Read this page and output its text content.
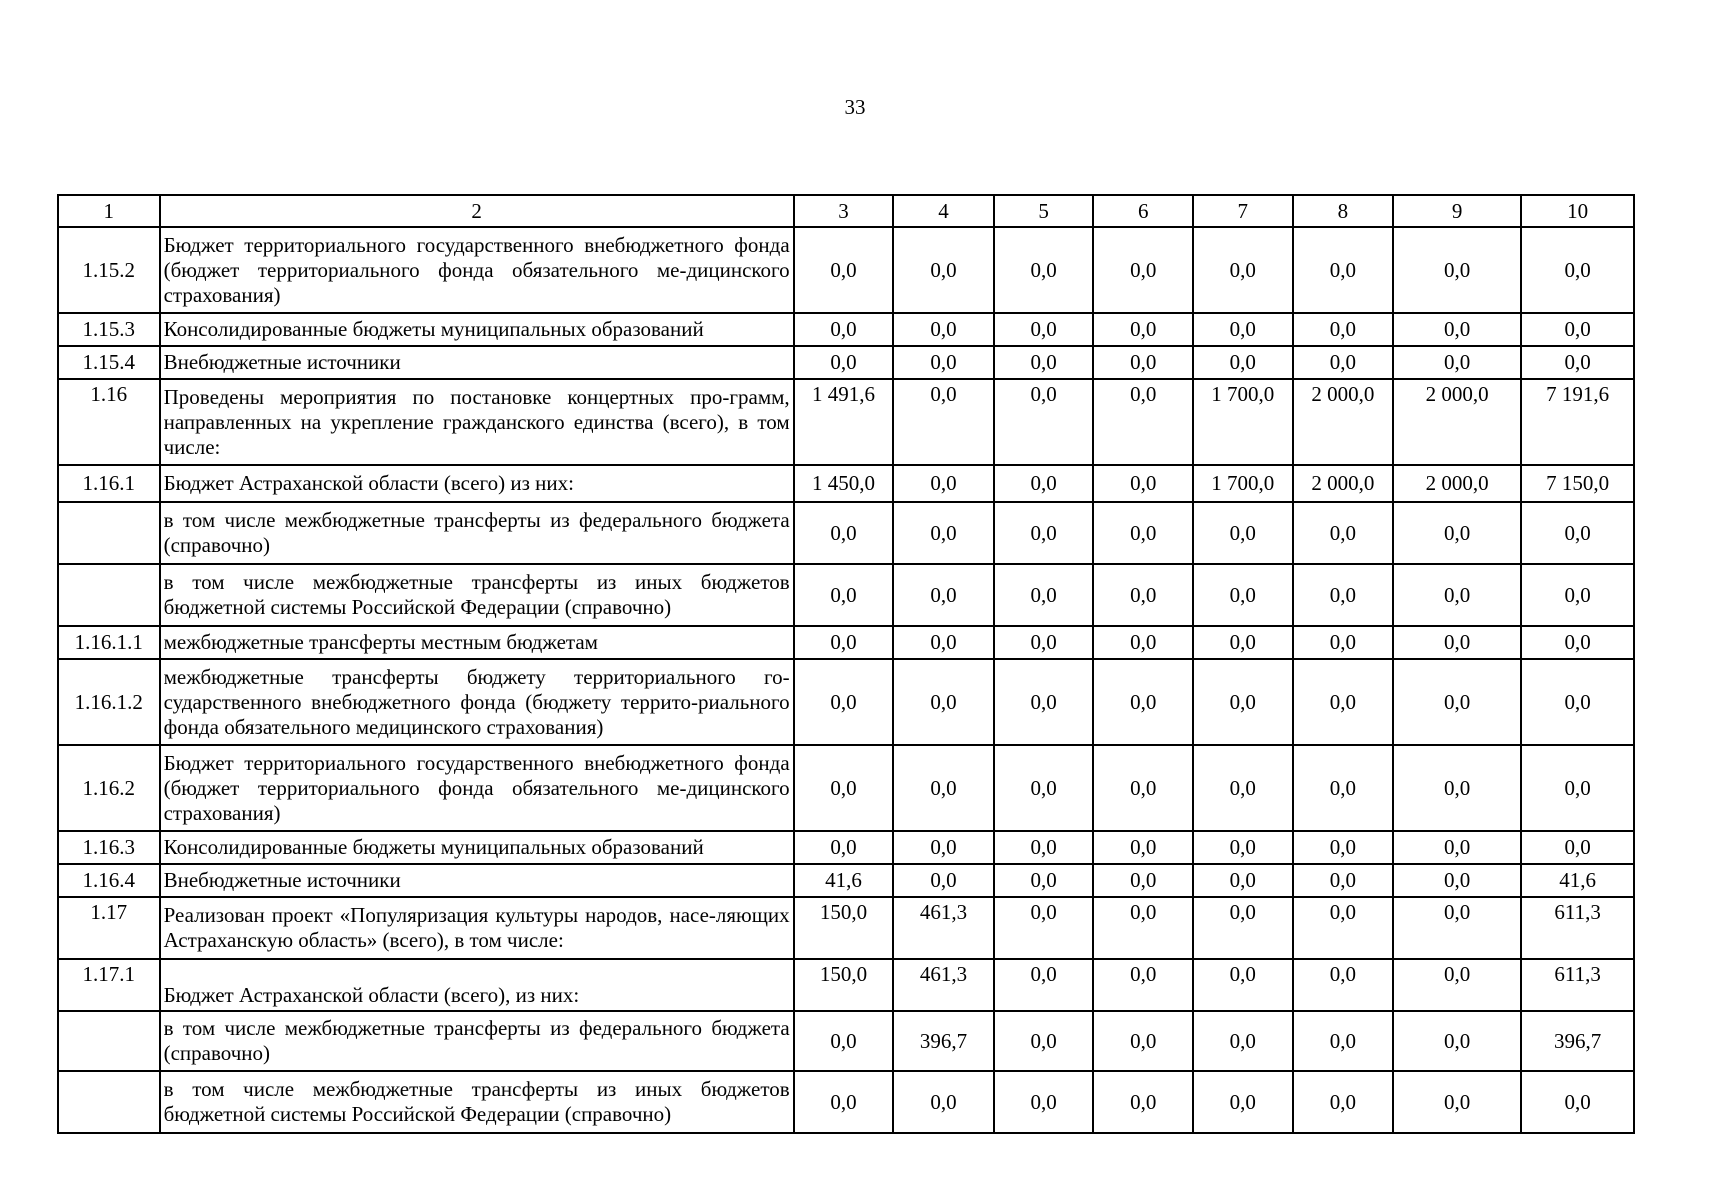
33
1	2	3	4	5	6	7	8	9	10
1.15.2	Бюджет территориального государственного внебюджетного фонда (бюджет территориального фонда обязательного ме-дицинского страхования)	0,0	0,0	0,0	0,0	0,0	0,0	0,0	0,0
1.15.3	Консолидированные бюджеты муниципальных образований	0,0	0,0	0,0	0,0	0,0	0,0	0,0	0,0
1.15.4	Внебюджетные источники	0,0	0,0	0,0	0,0	0,0	0,0	0,0	0,0
1.16	Проведены мероприятия по постановке концертных про-грамм, направленных на укрепление гражданского единства (всего), в том числе:	1 491,6	0,0	0,0	0,0	1 700,0	2 000,0	2 000,0	7 191,6
1.16.1	Бюджет Астраханской области (всего) из них:	1 450,0	0,0	0,0	0,0	1 700,0	2 000,0	2 000,0	7 150,0
	в том числе межбюджетные трансферты из федерального бюджета (справочно)	0,0	0,0	0,0	0,0	0,0	0,0	0,0	0,0
	в том числе межбюджетные трансферты из иных бюджетов бюджетной системы Российской Федерации (справочно)	0,0	0,0	0,0	0,0	0,0	0,0	0,0	0,0
1.16.1.1	межбюджетные трансферты местным бюджетам	0,0	0,0	0,0	0,0	0,0	0,0	0,0	0,0
1.16.1.2	межбюджетные трансферты бюджету территориального го-сударственного внебюджетного фонда (бюджету террито-риального фонда обязательного медицинского страхования)	0,0	0,0	0,0	0,0	0,0	0,0	0,0	0,0
1.16.2	Бюджет территориального государственного внебюджетного фонда (бюджет территориального фонда обязательного ме-дицинского страхования)	0,0	0,0	0,0	0,0	0,0	0,0	0,0	0,0
1.16.3	Консолидированные бюджеты муниципальных образований	0,0	0,0	0,0	0,0	0,0	0,0	0,0	0,0
1.16.4	Внебюджетные источники	41,6	0,0	0,0	0,0	0,0	0,0	0,0	41,6
1.17	Реализован проект «Популяризация культуры народов, насе-ляющих Астраханскую область» (всего), в том числе:	150,0	461,3	0,0	0,0	0,0	0,0	0,0	611,3
1.17.1	Бюджет Астраханской области (всего), из них:	150,0	461,3	0,0	0,0	0,0	0,0	0,0	611,3
	в том числе межбюджетные трансферты из федерального бюджета (справочно)	0,0	396,7	0,0	0,0	0,0	0,0	0,0	396,7
	в том числе межбюджетные трансферты из иных бюджетов бюджетной системы Российской Федерации (справочно)	0,0	0,0	0,0	0,0	0,0	0,0	0,0	0,0
